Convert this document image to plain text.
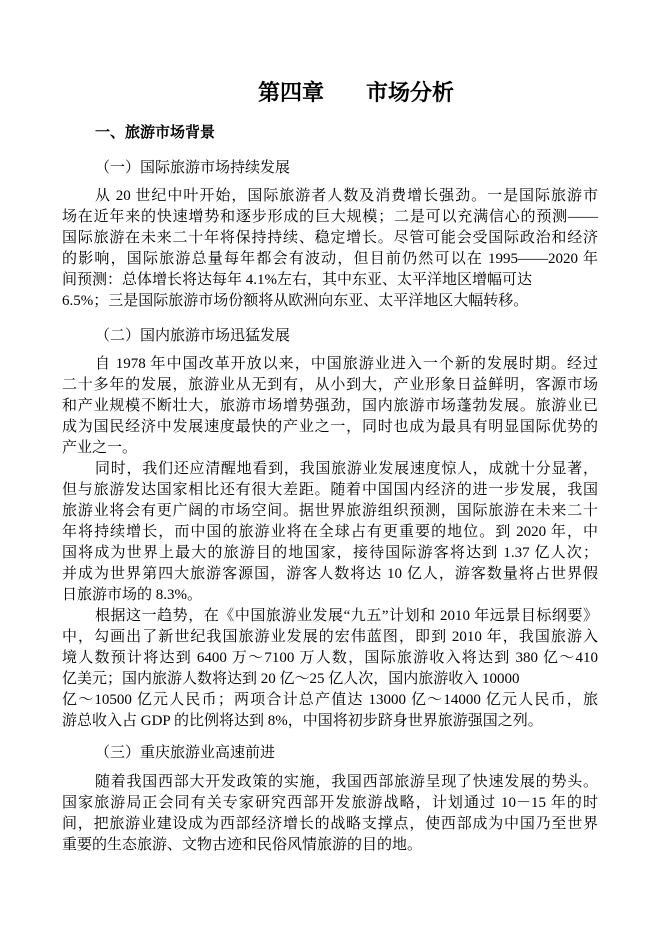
第四章 市场分析
一、旅游市场背景
（一）国际旅游市场持续发展
从 20 世纪中叶开始，国际旅游者人数及消费增长强劲。一是国际旅游市
场在近年来的快速增势和逐步形成的巨大规模；二是可以充满信心的预测——
国际旅游在未来二十年将保持持续、稳定增长。尽管可能会受国际政治和经济
的影响，国际旅游总量每年都会有波动，但目前仍然可以在 1995——2020 年
间预测：总体增长将达每年 4.1%左右，其中东亚、太平洋地区增幅可达
6.5%；三是国际旅游市场份额将从欧洲向东亚、太平洋地区大幅转移。
（二）国内旅游市场迅猛发展
自 1978 年中国改革开放以来，中国旅游业进入一个新的发展时期。经过
二十多年的发展，旅游业从无到有，从小到大，产业形象日益鲜明，客源市场
和产业规模不断壮大，旅游市场增势强劲，国内旅游市场蓬勃发展。旅游业已
成为国民经济中发展速度最快的产业之一，同时也成为最具有明显国际优势的
产业之一。
同时，我们还应清醒地看到，我国旅游业发展速度惊人，成就十分显著，
但与旅游发达国家相比还有很大差距。随着中国国内经济的进一步发展，我国
旅游业将会有更广阔的市场空间。据世界旅游组织预测，国际旅游在未来二十
年将持续增长，而中国的旅游业将在全球占有更重要的地位。到 2020 年，中
国将成为世界上最大的旅游目的地国家，接待国际游客将达到 1.37 亿人次；
并成为世界第四大旅游客源国，游客人数将达 10 亿人，游客数量将占世界假
日旅游市场的 8.3%。
根据这一趋势，在《中国旅游业发展“九五”计划和 2010 年远景目标纲要》
中，勾画出了新世纪我国旅游业发展的宏伟蓝图，即到 2010 年，我国旅游入
境人数预计将达到 6400 万～7100 万人数，国际旅游收入将达到 380 亿～410
亿美元；国内旅游人数将达到 20 亿～25 亿人次，国内旅游收入 10000
亿～10500 亿元人民币；两项合计总产值达 13000 亿～14000 亿元人民币，旅
游总收入占 GDP 的比例将达到 8%，中国将初步跻身世界旅游强国之列。
（三）重庆旅游业高速前进
随着我国西部大开发政策的实施，我国西部旅游呈现了快速发展的势头。
国家旅游局正会同有关专家研究西部开发旅游战略，计划通过 10－15 年的时
间，把旅游业建设成为西部经济增长的战略支撑点，使西部成为中国乃至世界
重要的生态旅游、文物古迹和民俗风情旅游的目的地。
